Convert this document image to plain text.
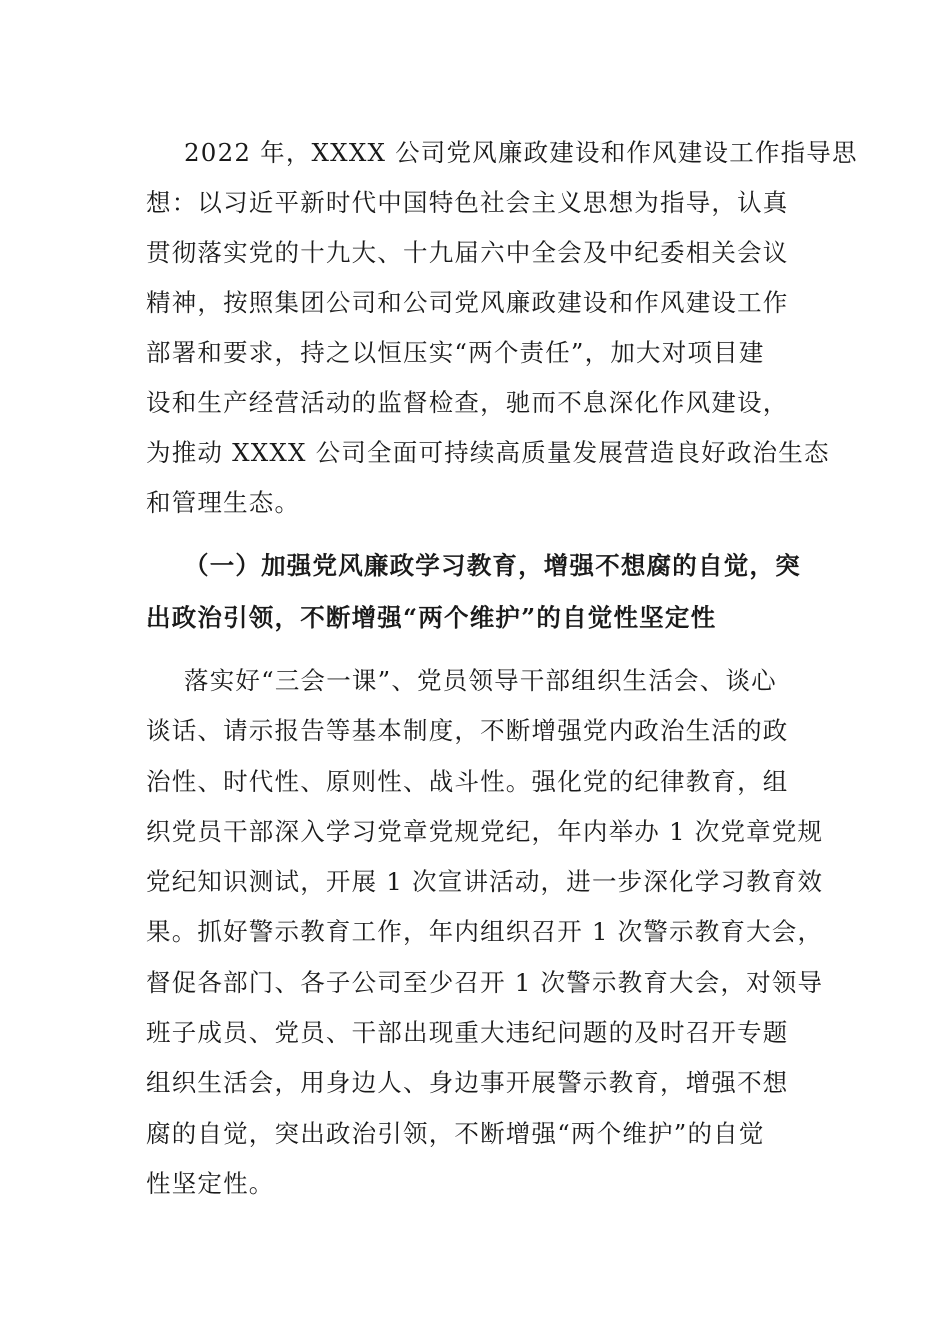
2022 年，XXXX 公司党风廉政建设和作风建设工作指导思
想：以习近平新时代中国特色社会主义思想为指导，认真
贯彻落实党的十九大、十九届六中全会及中纪委相关会议
精神，按照集团公司和公司党风廉政建设和作风建设工作
部署和要求，持之以恒压实“两个责任”，加大对项目建
设和生产经营活动的监督检查，驰而不息深化作风建设，
为推动 XXXX 公司全面可持续高质量发展营造良好政治生态
和管理生态。
（一）加强党风廉政学习教育，增强不想腐的自觉，突
出政治引领，不断增强“两个维护”的自觉性坚定性
落实好“三会一课”、党员领导干部组织生活会、谈心
谈话、请示报告等基本制度，不断增强党内政治生活的政
治性、时代性、原则性、战斗性。强化党的纪律教育，组
织党员干部深入学习党章党规党纪，年内举办 1 次党章党规
党纪知识测试，开展 1 次宣讲活动，进一步深化学习教育效
果。抓好警示教育工作，年内组织召开 1 次警示教育大会，
督促各部门、各子公司至少召开 1 次警示教育大会，对领导
班子成员、党员、干部出现重大违纪问题的及时召开专题
组织生活会，用身边人、身边事开展警示教育，增强不想
腐的自觉，突出政治引领，不断增强“两个维护”的自觉
性坚定性。
